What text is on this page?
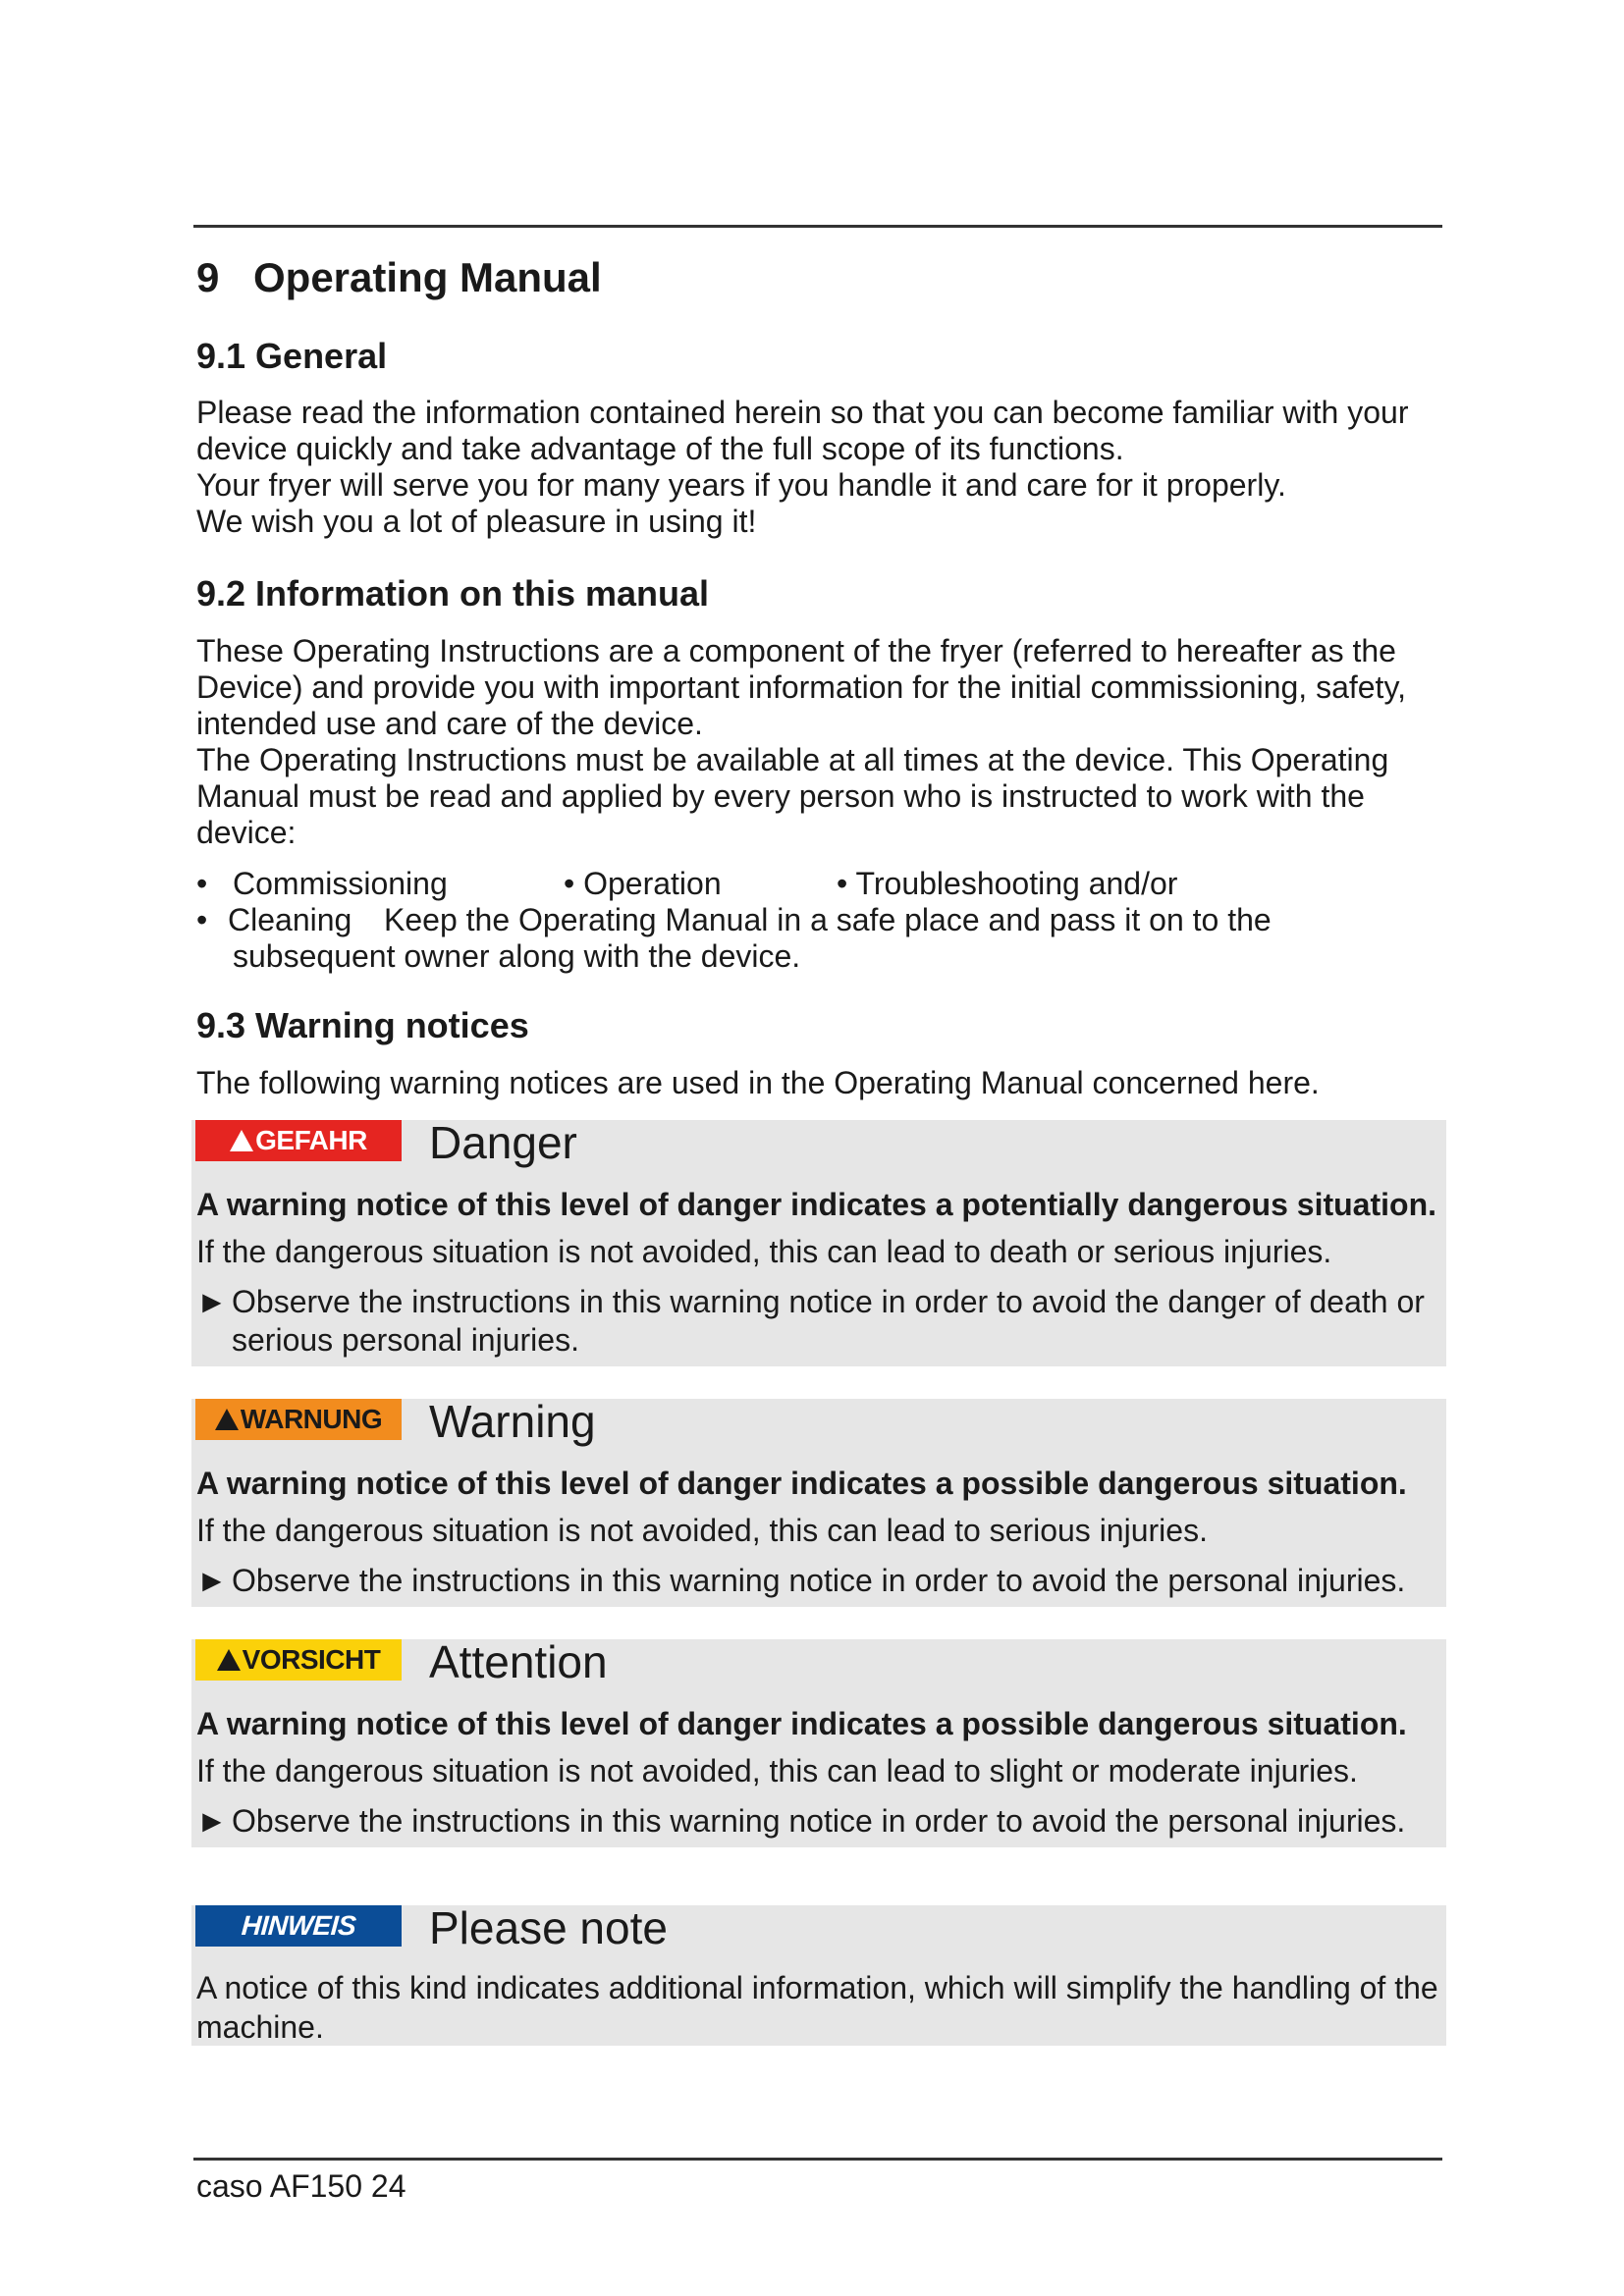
9 Operating Manual
9.1 General
Please read the information contained herein so that you can become familiar with your
device quickly and take advantage of the full scope of its functions.
Your fryer will serve you for many years if you handle it and care for it properly.
We wish you a lot of pleasure in using it!
9.2 Information on this manual
These Operating Instructions are a component of the fryer (referred to hereafter as the
Device) and provide you with important information for the initial commissioning, safety,
intended use and care of the device.
The Operating Instructions must be available at all times at the device. This Operating
Manual must be read and applied by every person who is instructed to work with the
device:
• Commissioning	• Operation	• Troubleshooting and/or
• Cleaning Keep the Operating Manual in a safe place and pass it on to the
subsequent owner along with the device.
9.3 Warning notices
The following warning notices are used in the Operating Manual concerned here.
GEFAHR	Danger
A warning notice of this level of danger indicates a potentially dangerous situation.
If the dangerous situation is not avoided, this can lead to death or serious injuries.
► Observe the instructions in this warning notice in order to avoid the danger of death or
serious personal injuries.
WARNUNG	Warning
A warning notice of this level of danger indicates a possible dangerous situation.
If the dangerous situation is not avoided, this can lead to serious injuries.
► Observe the instructions in this warning notice in order to avoid the personal injuries.
VORSICHT	Attention
A warning notice of this level of danger indicates a possible dangerous situation.
If the dangerous situation is not avoided, this can lead to slight or moderate injuries.
► Observe the instructions in this warning notice in order to avoid the personal injuries.
HINWEIS	Please note
A notice of this kind indicates additional information, which will simplify the handling of the
machine.
caso AF150 24
